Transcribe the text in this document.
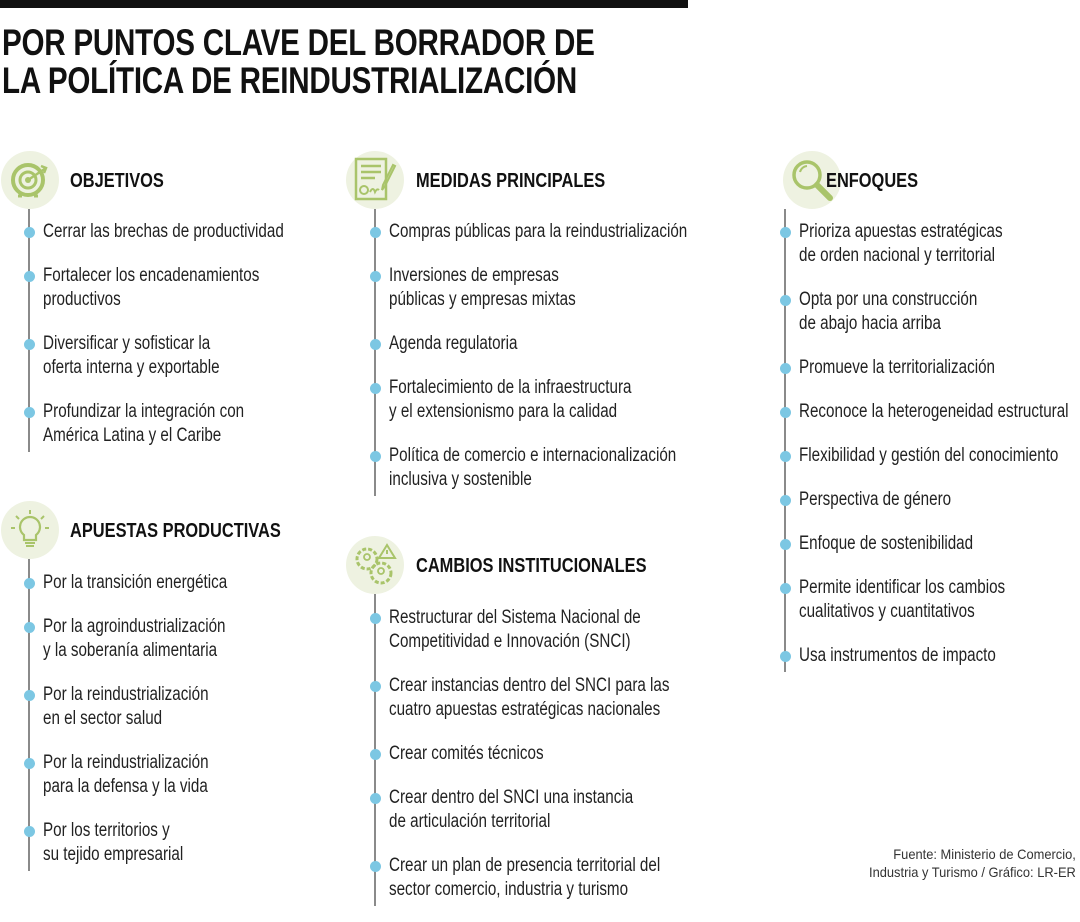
POR PUNTOS CLAVE DEL BORRADOR DE
LA POLÍTICA DE REINDUSTRIALIZACIÓN
OBJETIVOS
Cerrar las brechas de productividad
Fortalecer los encadenamientos
productivos
Diversificar y sofisticar la
oferta interna y exportable
Profundizar la integración con
América Latina y el Caribe
APUESTAS PRODUCTIVAS
Por la transición energética
Por la agroindustrialización
y la soberanía alimentaria
Por la reindustrialización
en el sector salud
Por la reindustrialización
para la defensa y la vida
Por los territorios y
su tejido empresarial
MEDIDAS PRINCIPALES
Compras públicas para la reindustrialización
Inversiones de empresas
públicas y empresas mixtas
Agenda regulatoria
Fortalecimiento de la infraestructura
y el extensionismo para la calidad
Política de comercio e internacionalización
inclusiva y sostenible
CAMBIOS INSTITUCIONALES
Restructurar del Sistema Nacional de
Competitividad e Innovación (SNCI)
Crear instancias dentro del SNCI para las
cuatro apuestas estratégicas nacionales
Crear comités técnicos
Crear dentro del SNCI una instancia
de articulación territorial
Crear un plan de presencia territorial del
sector comercio, industria y turismo
ENFOQUES
Prioriza apuestas estratégicas
de orden nacional y territorial
Opta por una construcción
de abajo hacia arriba
Promueve la territorialización
Reconoce la heterogeneidad estructural
Flexibilidad y gestión del conocimiento
Perspectiva de género
Enfoque de sostenibilidad
Permite identificar los cambios
cualitativos y cuantitativos
Usa instrumentos de impacto
Fuente: Ministerio de Comercio,
Industria y Turismo / Gráfico: LR-ER
